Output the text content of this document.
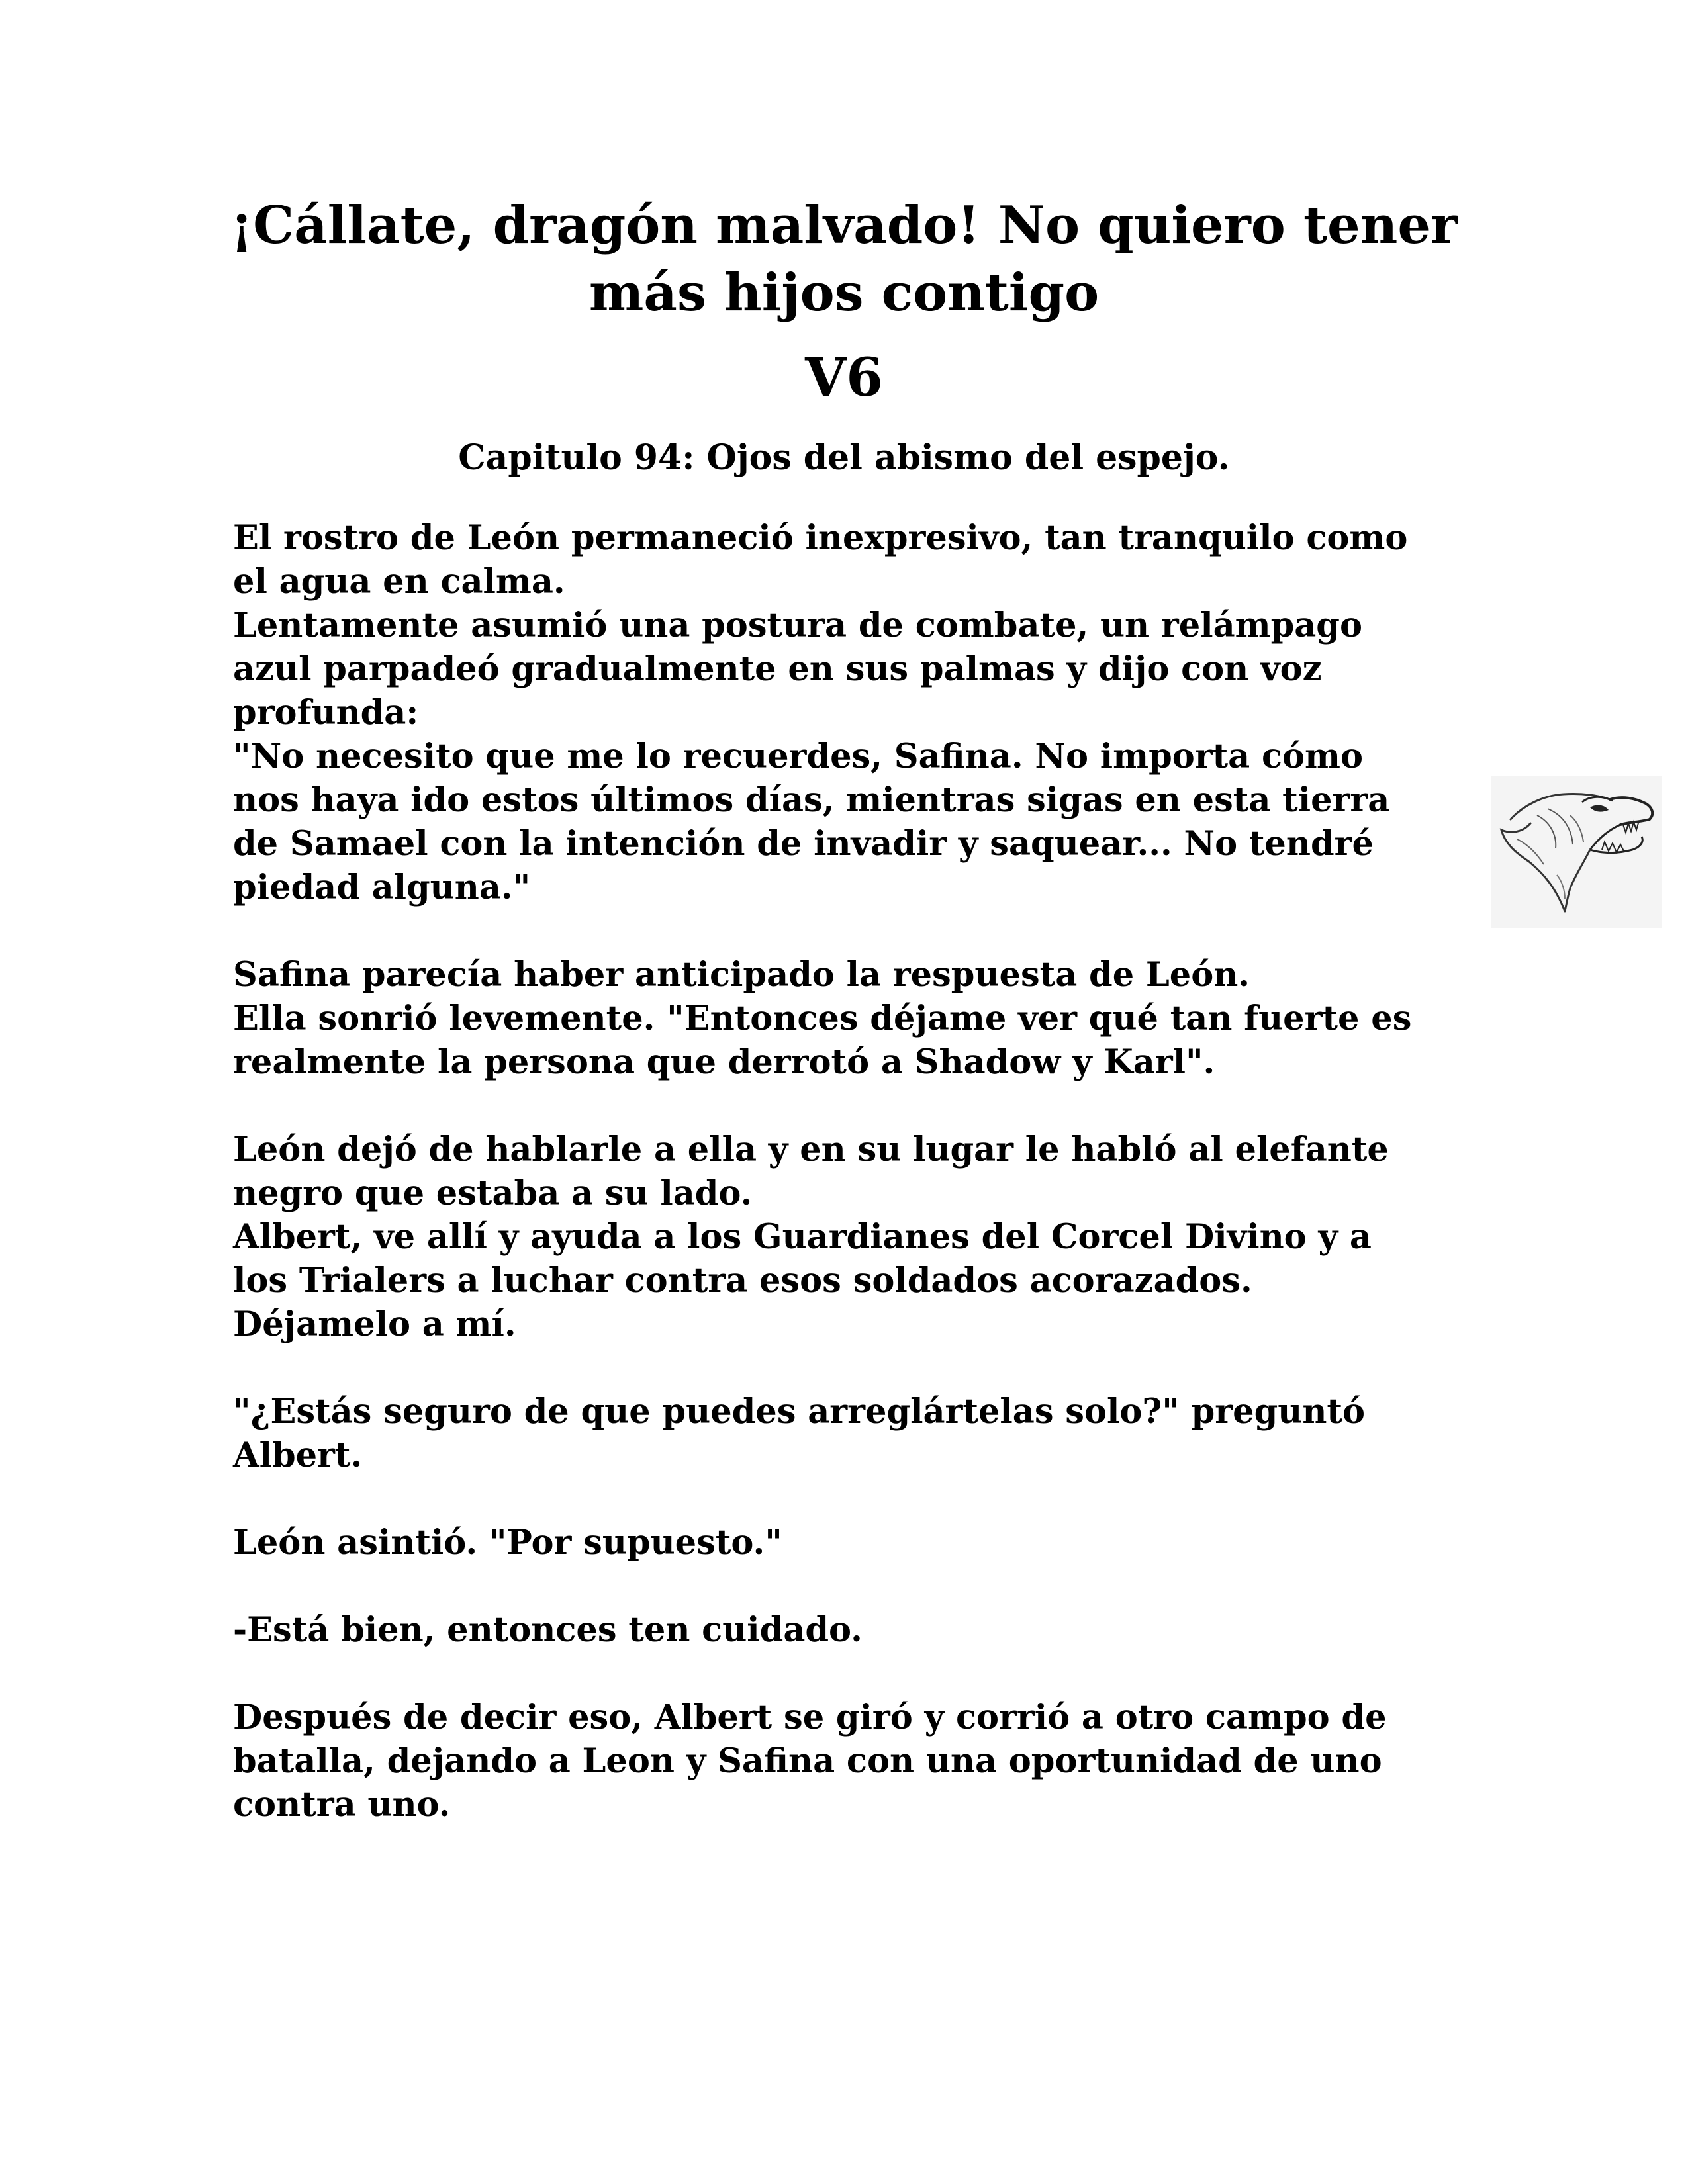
¡Cállate, dragón malvado! No quiero tener
más hijos contigo
V6
Capitulo 94: Ojos del abismo del espejo.

El rostro de León permaneció inexpresivo, tan tranquilo como
el agua en calma.
Lentamente asumió una postura de combate, un relámpago
azul parpadeó gradualmente en sus palmas y dijo con voz
profunda:
"No necesito que me lo recuerdes, Safina. No importa cómo
nos haya ido estos últimos días, mientras sigas en esta tierra
de Samael con la intención de invadir y saquear... No tendré
piedad alguna."

Safina parecía haber anticipado la respuesta de León.
Ella sonrió levemente. "Entonces déjame ver qué tan fuerte es
realmente la persona que derrotó a Shadow y Karl".

León dejó de hablarle a ella y en su lugar le habló al elefante
negro que estaba a su lado.
Albert, ve allí y ayuda a los Guardianes del Corcel Divino y a
los Trialers a luchar contra esos soldados acorazados.
Déjamelo a mí.

"¿Estás seguro de que puedes arreglártelas solo?" preguntó
Albert.

León asintió. "Por supuesto."

-Está bien, entonces ten cuidado.

Después de decir eso, Albert se giró y corrió a otro campo de
batalla, dejando a Leon y Safina con una oportunidad de uno
contra uno.
